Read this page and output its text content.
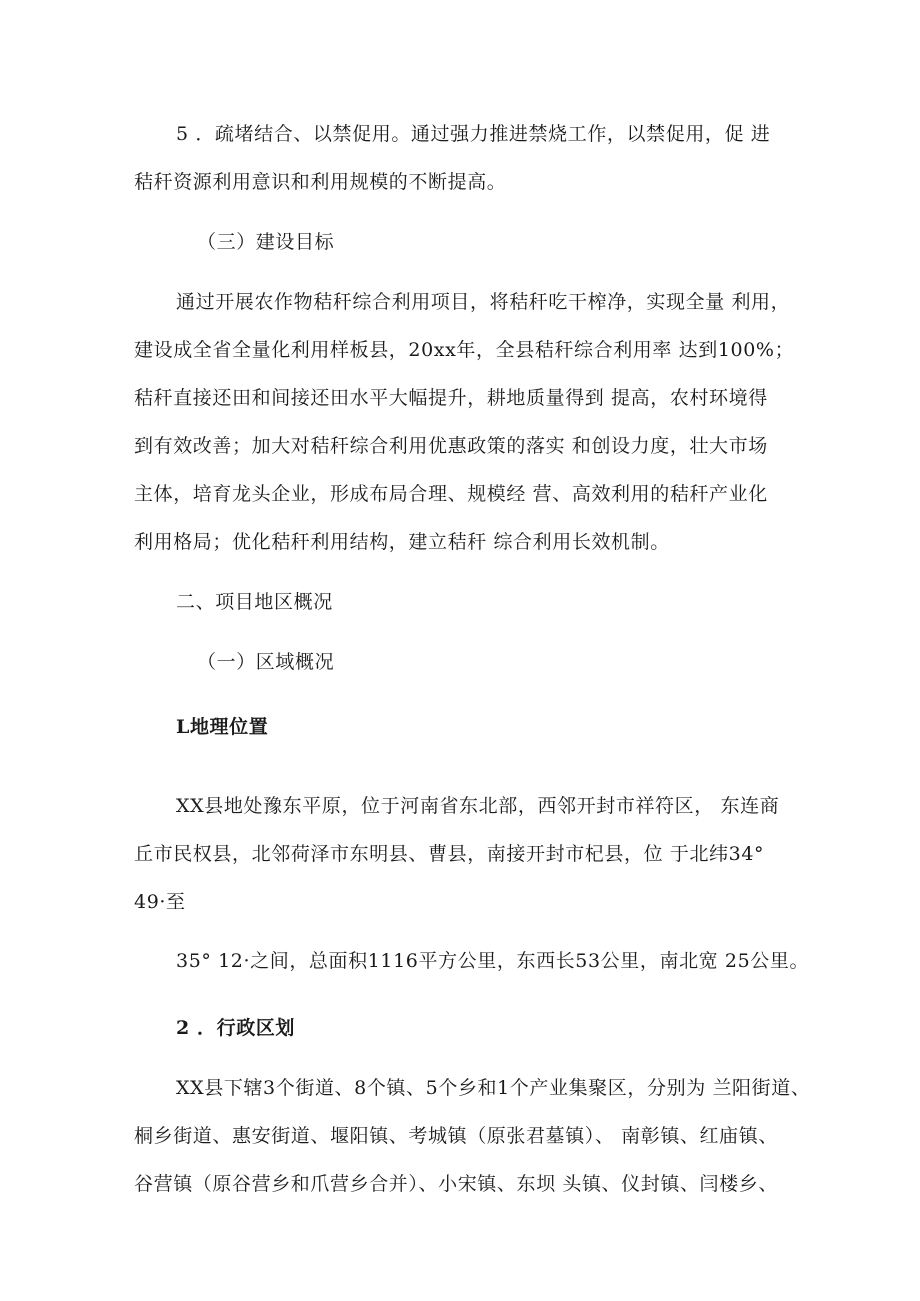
5 ．疏堵结合、以禁促用。通过强力推进禁烧工作，以禁促用，促 进
秸秆资源利用意识和利用规模的不断提高。
（三）建设目标
通过开展农作物秸秆综合利用项目，将秸秆吃干榨净，实现全量 利用，
建设成全省全量化利用样板县，20xx年，全县秸秆综合利用率 达到100%；
秸秆直接还田和间接还田水平大幅提升，耕地质量得到 提高，农村环境得
到有效改善；加大对秸秆综合利用优惠政策的落实 和创设力度，壮大市场
主体，培育龙头企业，形成布局合理、规模经 营、高效利用的秸秆产业化
利用格局；优化秸秆利用结构，建立秸秆 综合利用长效机制。
二、项目地区概况
（一）区域概况
L地理位置
XX县地处豫东平原，位于河南省东北部，西邻开封市祥符区， 东连商
丘市民权县，北邻荷泽市东明县、曹县，南接开封市杞县，位 于北纬34°
49·至
35° 12·之间，总面积1116平方公里，东西长53公里，南北宽 25公里。
2 ．行政区划
XX县下辖3个街道、8个镇、5个乡和1个产业集聚区，分别为 兰阳街道、
桐乡街道、惠安街道、堰阳镇、考城镇（原张君墓镇）、 南彰镇、红庙镇、
谷营镇（原谷营乡和爪营乡合并）、小宋镇、东坝 头镇、仪封镇、闫楼乡、
